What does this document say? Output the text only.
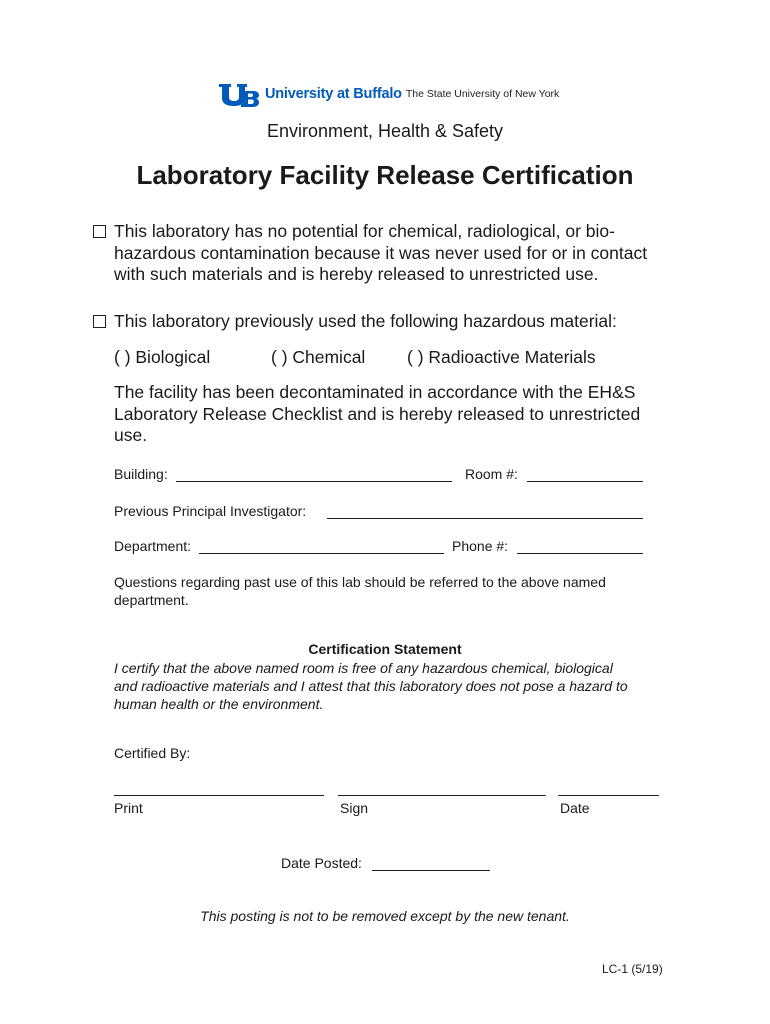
University at Buffalo The State University of New York
Environment, Health & Safety
Laboratory Facility Release Certification
This laboratory has no potential for chemical, radiological, or bio-
hazardous contamination because it was never used for or in contact
with such materials and is hereby released to unrestricted use.
This laboratory previously used the following hazardous material:
( ) Biological	( ) Chemical ( ) Radioactive Materials
The facility has been decontaminated in accordance with the EH&S
Laboratory Release Checklist and is hereby released to unrestricted
use.
Building:	Room #:
Previous Principal Investigator:
Department:	Phone #:
Questions regarding past use of this lab should be referred to the above named
department.
Certification Statement
I certify that the above named room is free of any hazardous chemical, biological
and radioactive materials and I attest that this laboratory does not pose a hazard to
human health or the environment.
Certified By:
Print	Sign	Date
Date Posted:
This posting is not to be removed except by the new tenant.
LC-1 (5/19)
